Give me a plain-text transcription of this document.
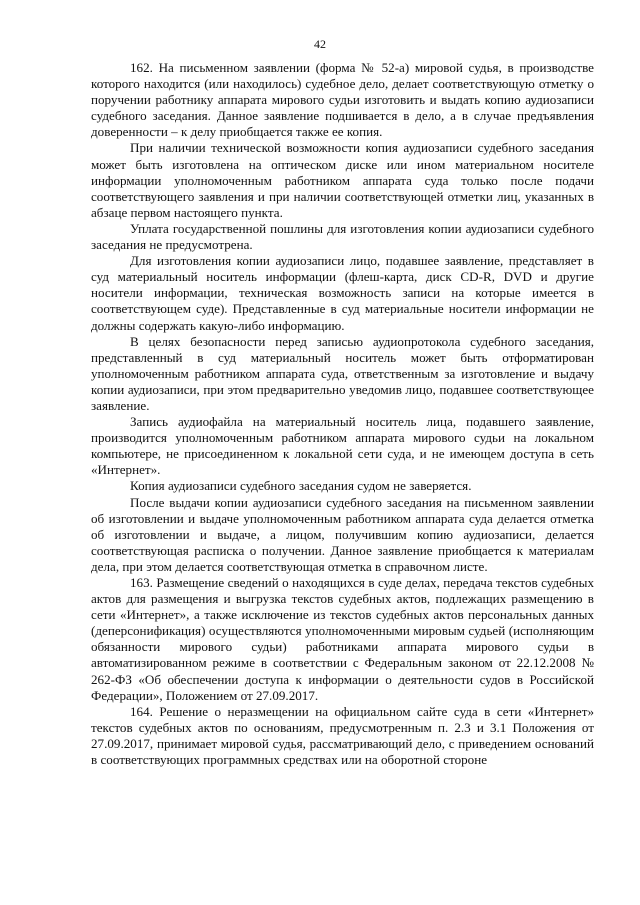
42

162. На письменном заявлении (форма № 52-а) мировой судья, в производстве которого находится (или находилось) судебное дело, делает соответствующую отметку о поручении работнику аппарата мирового судьи изготовить и выдать копию аудиозаписи судебного заседания. Данное заявление подшивается в дело, а в случае предъявления доверенности – к делу приобщается также ее копия.

При наличии технической возможности копия аудиозаписи судебного заседания может быть изготовлена на оптическом диске или ином материальном носителе информации уполномоченным работником аппарата суда только после подачи соответствующего заявления и при наличии соответствующей отметки лиц, указанных в абзаце первом настоящего пункта.

Уплата государственной пошлины для изготовления копии аудиозаписи судебного заседания не предусмотрена.

Для изготовления копии аудиозаписи лицо, подавшее заявление, представляет в суд материальный носитель информации (флеш-карта, диск CD-R, DVD и другие носители информации, техническая возможность записи на которые имеется в соответствующем суде). Представленные в суд материальные носители информации не должны содержать какую-либо информацию.

В целях безопасности перед записью аудиопротокола судебного заседания, представленный в суд материальный носитель может быть отформатирован уполномоченным работником аппарата суда, ответственным за изготовление и выдачу копии аудиозаписи, при этом предварительно уведомив лицо, подавшее соответствующее заявление.

Запись аудиофайла на материальный носитель лица, подавшего заявление, производится уполномоченным работником аппарата мирового судьи на локальном компьютере, не присоединенном к локальной сети суда, и не имеющем доступа в сеть «Интернет».

Копия аудиозаписи судебного заседания судом не заверяется.

После выдачи копии аудиозаписи судебного заседания на письменном заявлении об изготовлении и выдаче уполномоченным работником аппарата суда делается отметка об изготовлении и выдаче, а лицом, получившим копию аудиозаписи, делается соответствующая расписка о получении. Данное заявление приобщается к материалам дела, при этом делается соответствующая отметка в справочном листе.

163. Размещение сведений о находящихся в суде делах, передача текстов судебных актов для размещения и выгрузка текстов судебных актов, подлежащих размещению в сети «Интернет», а также исключение из текстов судебных актов персональных данных (деперсонификация) осуществляются уполномоченными мировым судьей (исполняющим обязанности мирового судьи) работниками аппарата мирового судьи в автоматизированном режиме в соответствии с Федеральным законом от 22.12.2008 № 262-ФЗ «Об обеспечении доступа к информации о деятельности судов в Российской Федерации», Положением от 27.09.2017.

164. Решение о неразмещении на официальном сайте суда в сети «Интернет» текстов судебных актов по основаниям, предусмотренным п. 2.3 и 3.1 Положения от 27.09.2017, принимает мировой судья, рассматривающий дело, с приведением оснований в соответствующих программных средствах или на оборотной стороне
